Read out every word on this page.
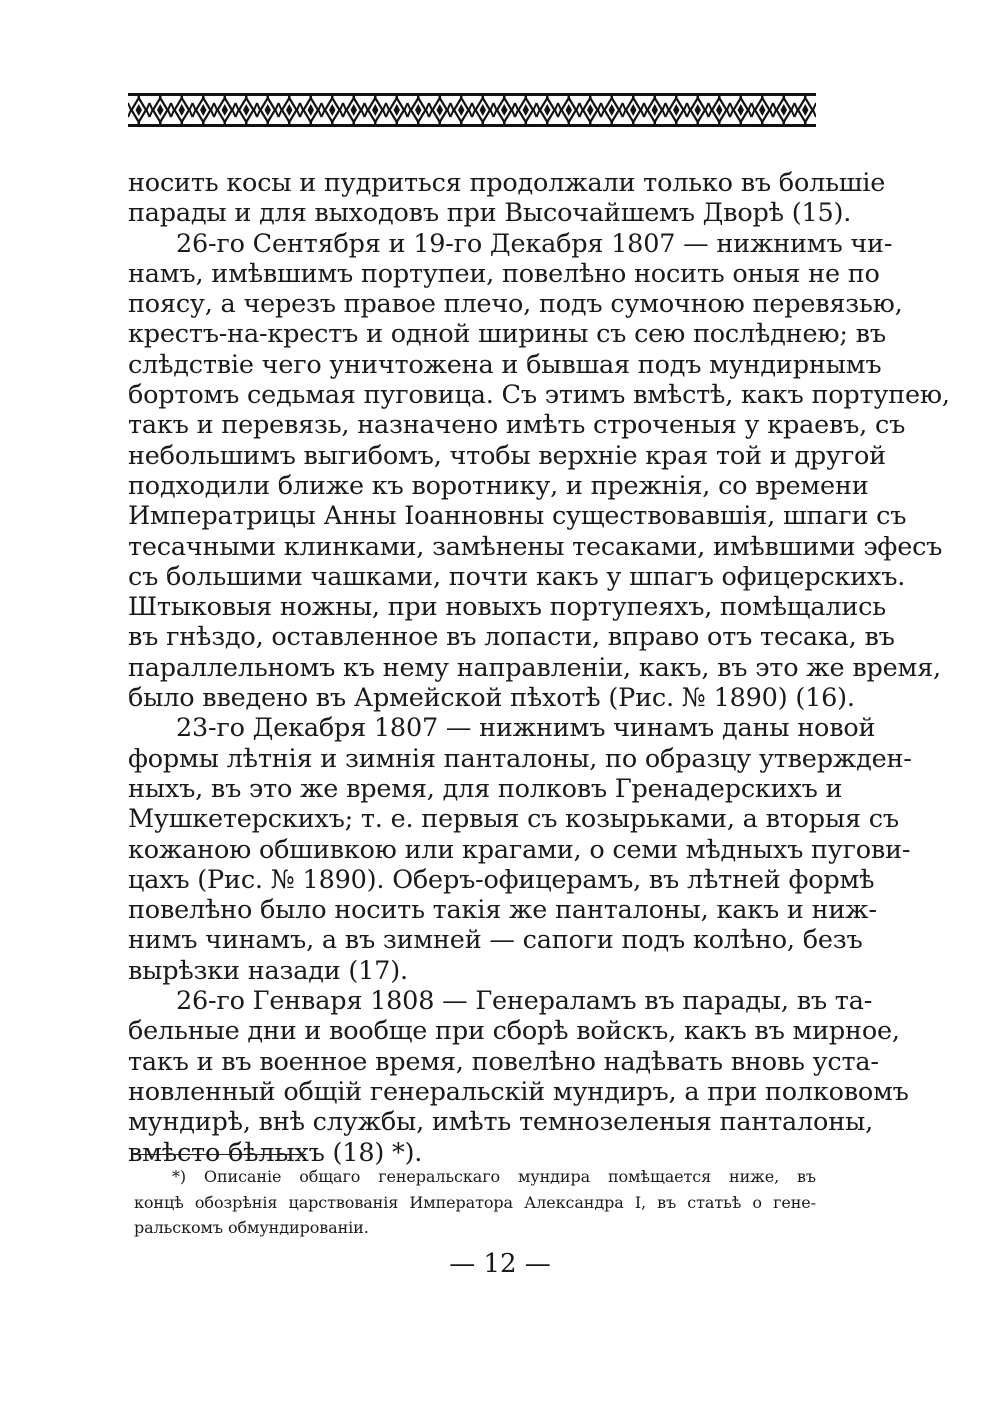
носить косы и пудриться продолжали только въ большіе
парады и для выходовъ при Высочайшемъ Дворѣ (15).
26-го Сентября и 19-го Декабря 1807 — нижнимъ чи-
намъ, имѣвшимъ портупеи, повелѣно носить оныя не по
поясу, а черезъ правое плечо, подъ сумочною перевязью,
крестъ-на-крестъ и одной ширины съ сею послѣднею; въ
слѣдствіе чего уничтожена и бывшая подъ мундирнымъ
бортомъ седьмая пуговица. Съ этимъ вмѣстѣ, какъ портупею,
такъ и перевязь, назначено имѣть строченыя у краевъ, съ
небольшимъ выгибомъ, чтобы верхніе края той и другой
подходили ближе къ воротнику, и прежнія, со времени
Императрицы Анны Іоанновны существовавшія, шпаги съ
тесачными клинками, замѣнены тесаками, имѣвшими эфесъ
съ большими чашками, почти какъ у шпагъ офицерскихъ.
Штыковыя ножны, при новыхъ портупеяхъ, помѣщались
въ гнѣздо, оставленное въ лопасти, вправо отъ тесака, въ
параллельномъ къ нему направленіи, какъ, въ это же время,
было введено въ Армейской пѣхотѣ (Рис. № 1890) (16).
23-го Декабря 1807 — нижнимъ чинамъ даны новой
формы лѣтнія и зимнія панталоны, по образцу утвержден-
ныхъ, въ это же время, для полковъ Гренадерскихъ и
Мушкетерскихъ; т. е. первыя съ козырьками, а вторыя съ
кожаною обшивкою или крагами, о семи мѣдныхъ пугови-
цахъ (Рис. № 1890). Оберъ-офицерамъ, въ лѣтней формѣ
повелѣно было носить такія же панталоны, какъ и ниж-
нимъ чинамъ, а въ зимней — сапоги подъ колѣно, безъ
вырѣзки назади (17).
26-го Генваря 1808 — Генераламъ въ парады, въ та-
бельные дни и вообще при сборѣ войскъ, какъ въ мирное,
такъ и въ военное время, повелѣно надѣвать вновь уста-
новленный общій генеральскій мундиръ, а при полковомъ
мундирѣ, внѣ службы, имѣть темнозеленыя панталоны,
вмѣсто бѣлыхъ (18) *).
*) Описаніе общаго генеральскаго мундира помѣщается ниже, въ
концѣ обозрѣнія царствованія Императора Александра I, въ статьѣ о гене-
ральскомъ обмундированіи.
— 12 —
